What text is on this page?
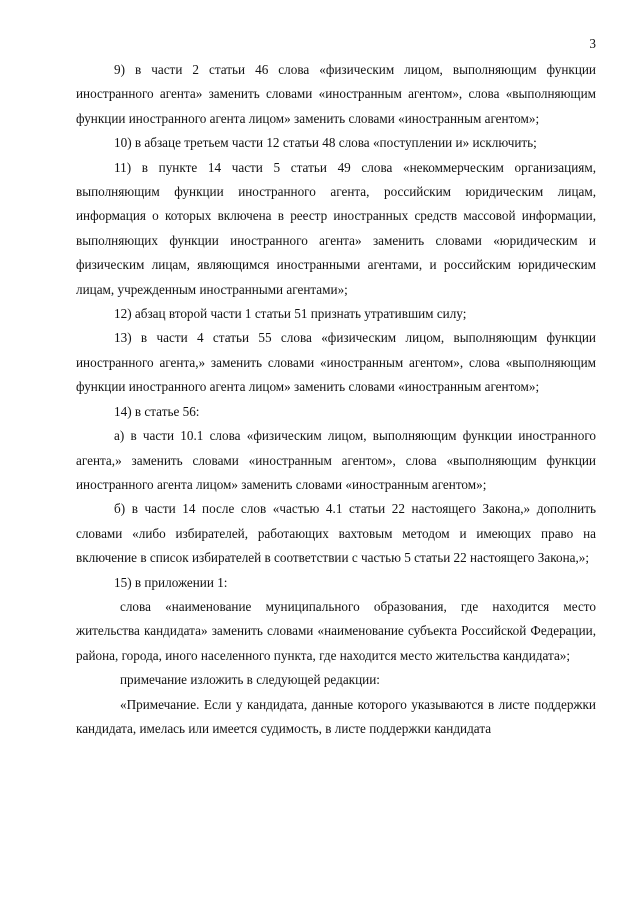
3

9) в части 2 статьи 46 слова «физическим лицом, выполняющим функции иностранного агента» заменить словами «иностранным агентом», слова «выполняющим функции иностранного агента лицом» заменить словами «иностранным агентом»;

10) в абзаце третьем части 12 статьи 48 слова «поступлении и» исключить;

11) в пункте 14 части 5 статьи 49 слова «некоммерческим организациям, выполняющим функции иностранного агента, российским юридическим лицам, информация о которых включена в реестр иностранных средств массовой информации, выполняющих функции иностранного агента» заменить словами «юридическим и физическим лицам, являющимся иностранными агентами, и российским юридическим лицам, учрежденным иностранными агентами»;

12) абзац второй части 1 статьи 51 признать утратившим силу;

13) в части 4 статьи 55 слова «физическим лицом, выполняющим функции иностранного агента,» заменить словами «иностранным агентом», слова «выполняющим функции иностранного агента лицом» заменить словами «иностранным агентом»;

14) в статье 56:

а) в части 10.1 слова «физическим лицом, выполняющим функции иностранного агента,» заменить словами «иностранным агентом», слова «выполняющим функции иностранного агента лицом» заменить словами «иностранным агентом»;

б) в части 14 после слов «частью 4.1 статьи 22 настоящего Закона,» дополнить словами «либо избирателей, работающих вахтовым методом и имеющих право на включение в список избирателей в соответствии с частью 5 статьи 22 настоящего Закона,»;

15) в приложении 1:

слова «наименование муниципального образования, где находится место жительства кандидата» заменить словами «наименование субъекта Российской Федерации, района, города, иного населенного пункта, где находится место жительства кандидата»;

примечание изложить в следующей редакции:

«Примечание. Если у кандидата, данные которого указываются в листе поддержки кандидата, имелась или имеется судимость, в листе поддержки кандидата
